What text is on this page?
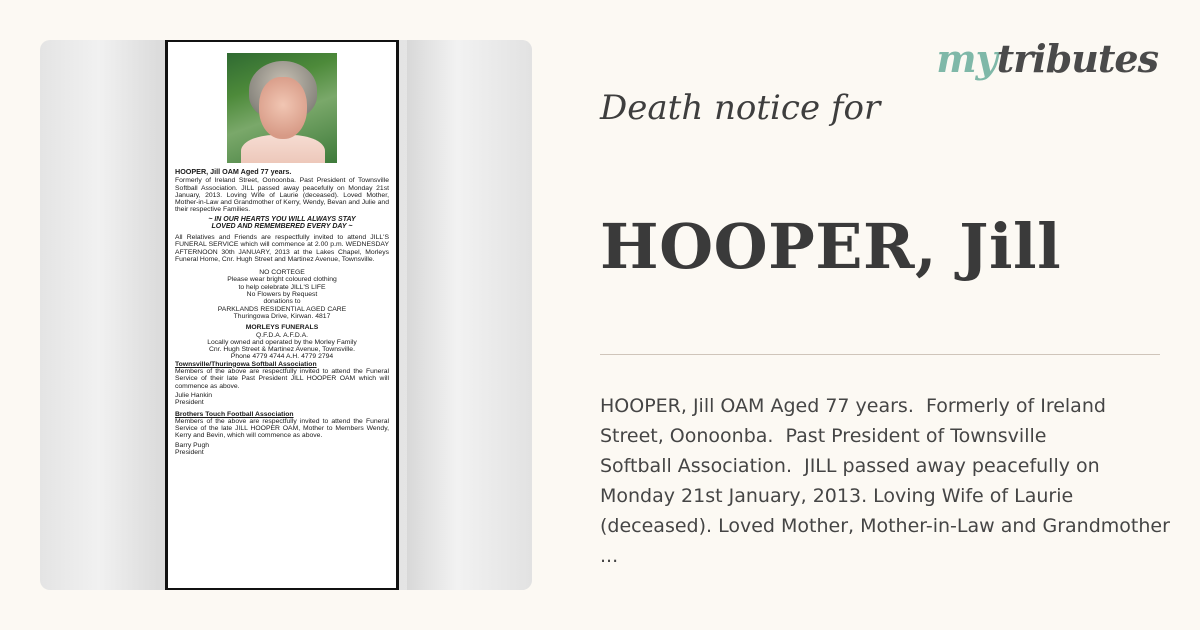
HOOPER, Jill OAM Aged 77 years.
Formerly of Ireland Street, Oonoonba. Past President of Townsville Softball Association. JILL passed away peacefully on Monday 21st January, 2013. Loving Wife of Laurie (deceased). Loved Mother, Mother-in-Law and Grandmother of Kerry, Wendy, Bevan and Julie and their respective Families.
~ IN OUR HEARTS YOU WILL ALWAYS STAY
LOVED AND REMEMBERED EVERY DAY ~
All Relatives and Friends are respectfully invited to attend JILL'S FUNERAL SERVICE which will commence at 2.00 p.m. WEDNESDAY AFTERNOON 30th JANUARY, 2013 at the Lakes Chapel, Morleys Funeral Home, Cnr. Hugh Street and Martinez Avenue, Townsville.
NO CORTEGE
Please wear bright coloured clothing
to help celebrate JILL'S LIFE
No Flowers by Request
donations to
PARKLANDS RESIDENTIAL AGED CARE
Thuringowa Drive, Kirwan. 4817
MORLEYS FUNERALS
Q.F.D.A. A.F.D.A.
Locally owned and operated by the Morley Family
Cnr. Hugh Street & Martinez Avenue, Townsville.
Phone 4779 4744 A.H. 4779 2794
Townsville/Thuringowa Softball Association
Members of the above are respectfully invited to attend the Funeral Service of their late Past President JILL HOOPER OAM which will commence as above.
Julie Hankin
President
Brothers Touch Football Association
Members of the above are respectfully invited to attend the Funeral Service of the late JILL HOOPER OAM, Mother to Members Wendy, Kerry and Bevin, which will commence as above.
Barry Pugh
President
mytributes
Death notice for
HOOPER, Jill
HOOPER, Jill OAM Aged 77 years.  Formerly of Ireland
Street, Oonoonba.  Past President of Townsville
Softball Association.  JILL passed away peacefully on
Monday 21st January, 2013. Loving Wife of Laurie
(deceased). Loved Mother, Mother-in-Law and Grandmother
...
